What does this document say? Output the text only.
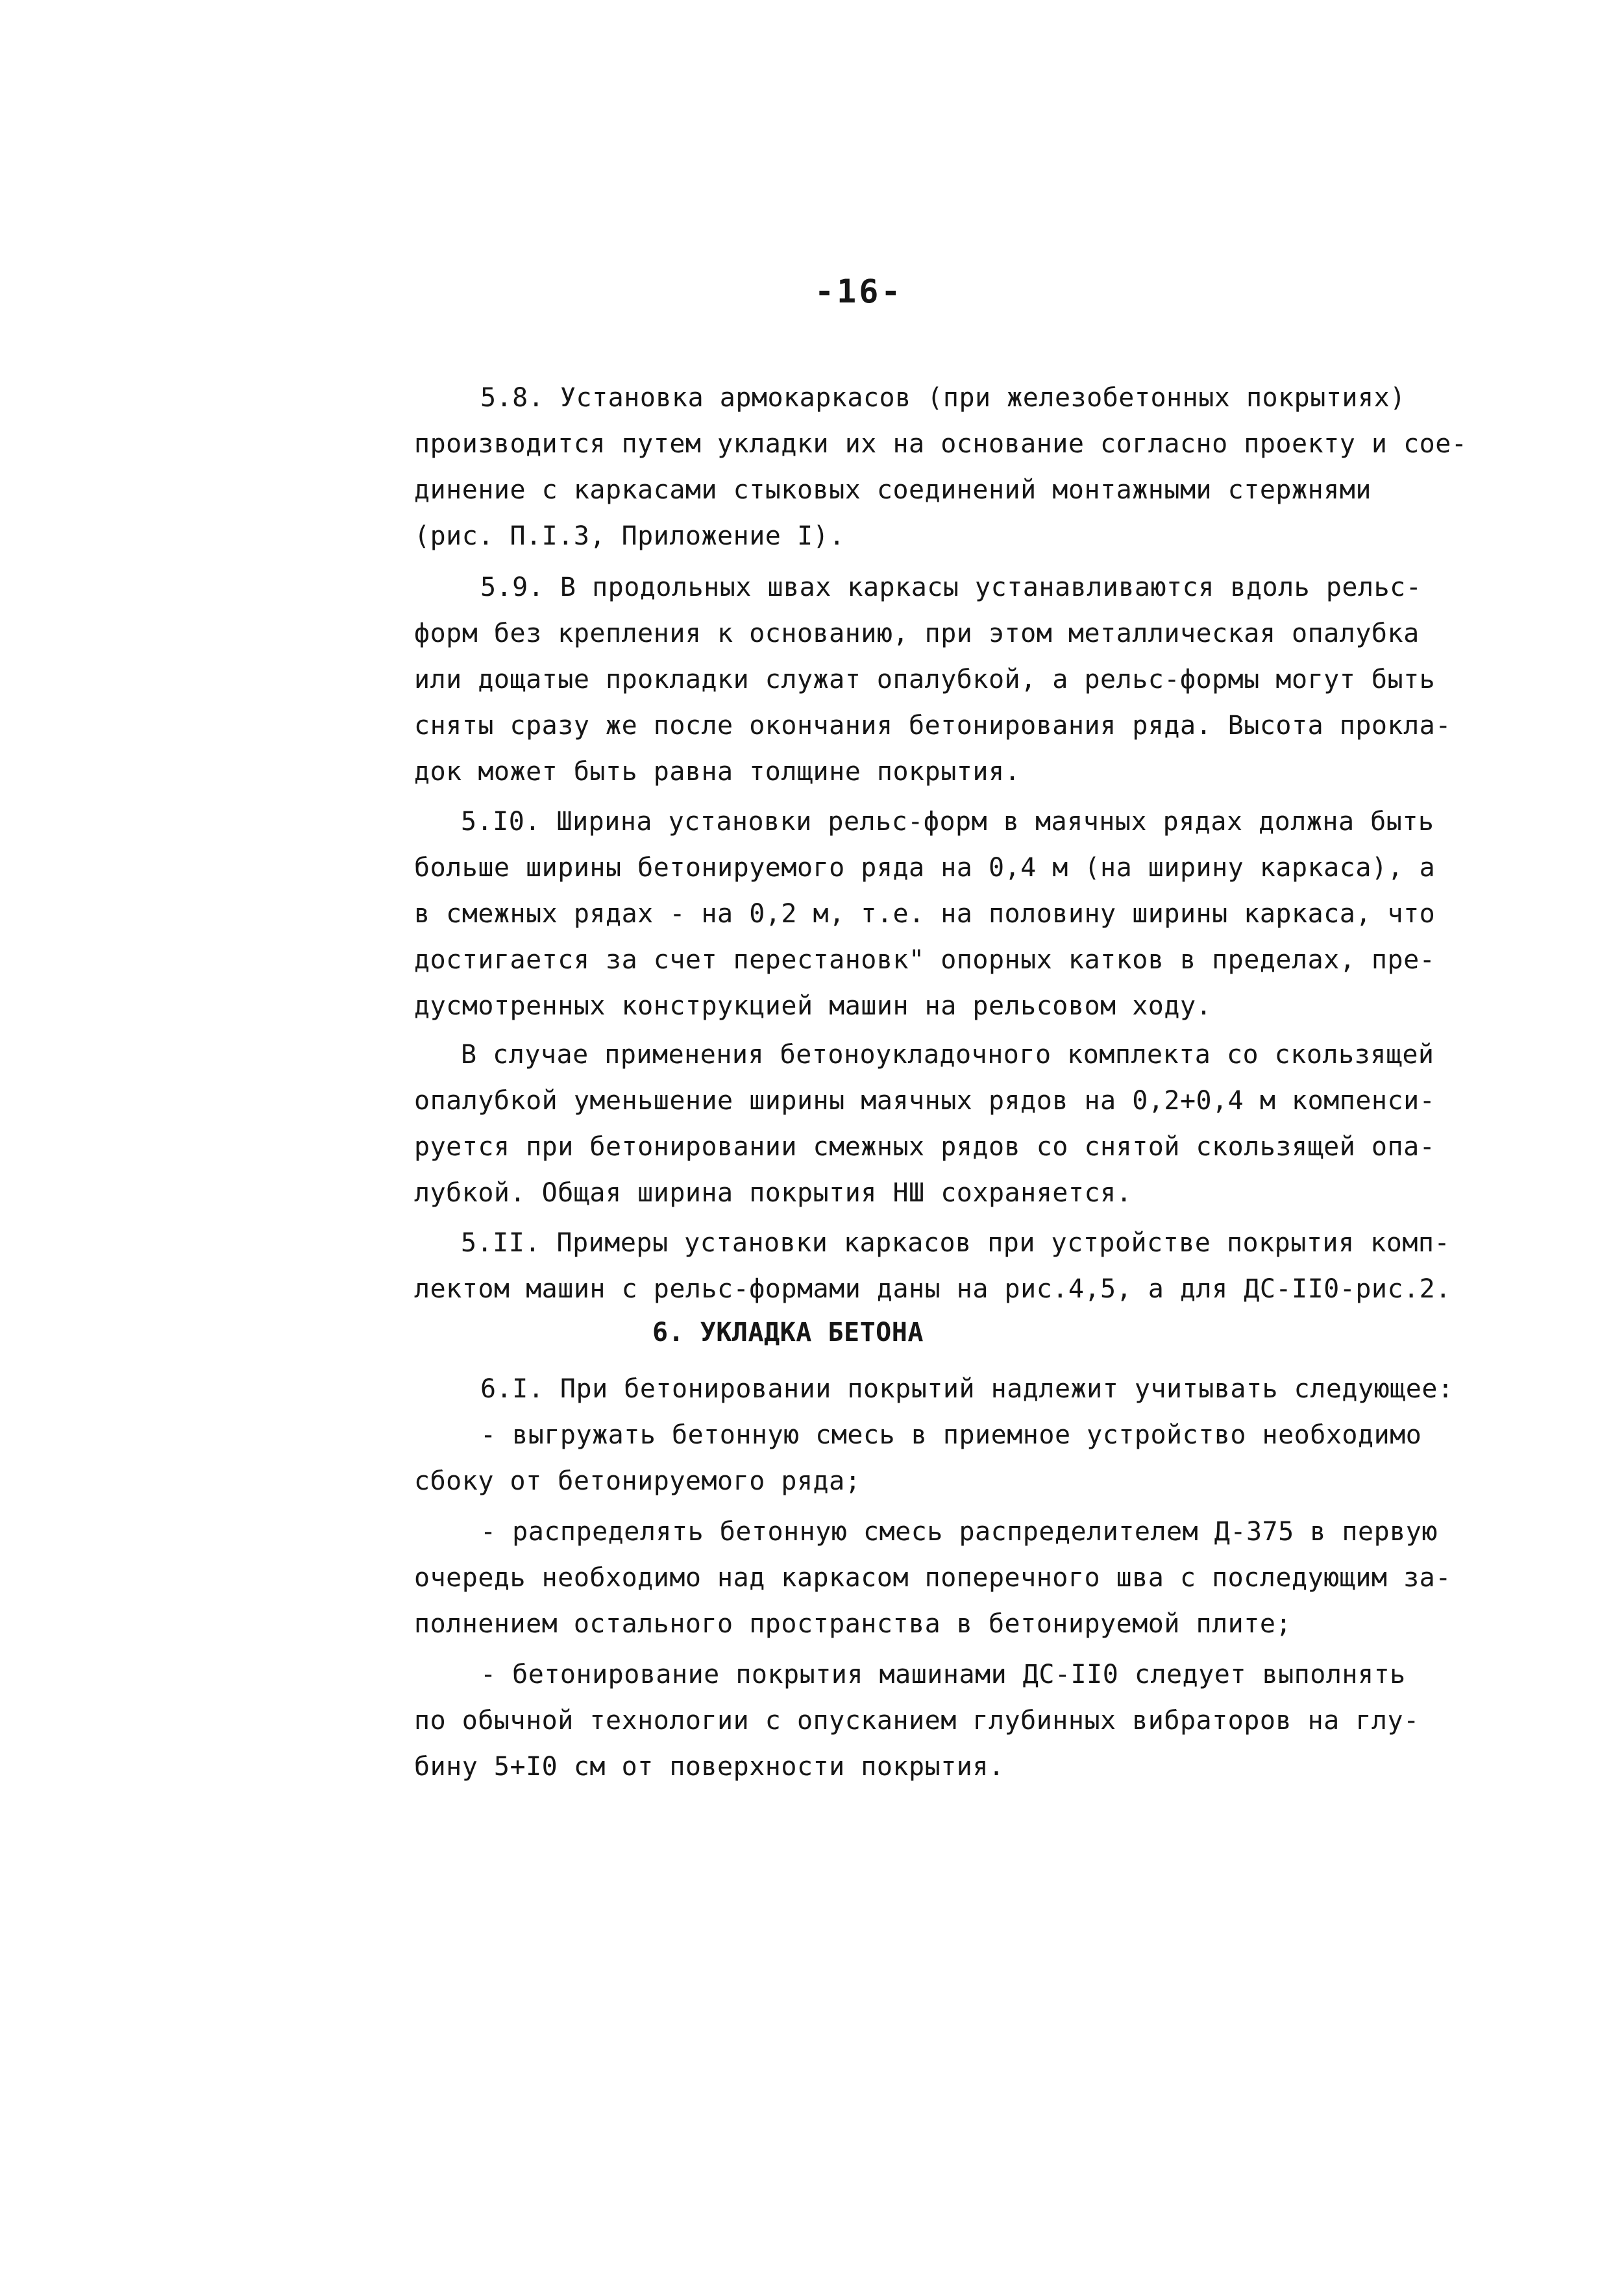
-16-
5.8. Установка армокаркасов (при железобетонных покрытиях)
производится путем укладки их на основание согласно проекту и сое-
динение с каркасами стыковых соединений монтажными стержнями
(рис. П.I.3, Приложение I).
5.9. В продольных швах каркасы устанавливаются вдоль рельс-
форм без крепления к основанию, при этом металлическая опалубка
или дощатые прокладки служат опалубкой, а рельс-формы могут быть
сняты сразу же после окончания бетонирования ряда. Высота прокла-
док может быть равна толщине покрытия.
5.I0. Ширина установки рельс-форм в маячных рядах должна быть
больше ширины бетонируемого ряда на 0,4 м (на ширину каркаса), а
в смежных рядах - на 0,2 м, т.е. на половину ширины каркаса, что
достигается за счет перестановк" опорных катков в пределах, пре-
дусмотренных конструкцией машин на рельсовом ходу.
В случае применения бетоноукладочного комплекта со скользящей
опалубкой уменьшение ширины маячных рядов на 0,2+0,4 м компенси-
руется при бетонировании смежных рядов со снятой скользящей опа-
лубкой. Общая ширина покрытия НШ сохраняется.
5.II. Примеры установки каркасов при устройстве покрытия комп-
лектом машин с рельс-формами даны на рис.4,5, а для ДС-II0-рис.2.
6. УКЛАДКА БЕТОНА
6.I. При бетонировании покрытий надлежит учитывать следующее:
- выгружать бетонную смесь в приемное устройство необходимо
сбоку от бетонируемого ряда;
- распределять бетонную смесь распределителем Д-375 в первую
очередь необходимо над каркасом поперечного шва с последующим за-
полнением остального пространства в бетонируемой плите;
- бетонирование покрытия машинами ДС-II0 следует выполнять
по обычной технологии с опусканием глубинных вибраторов на глу-
бину 5+I0 см от поверхности покрытия.
